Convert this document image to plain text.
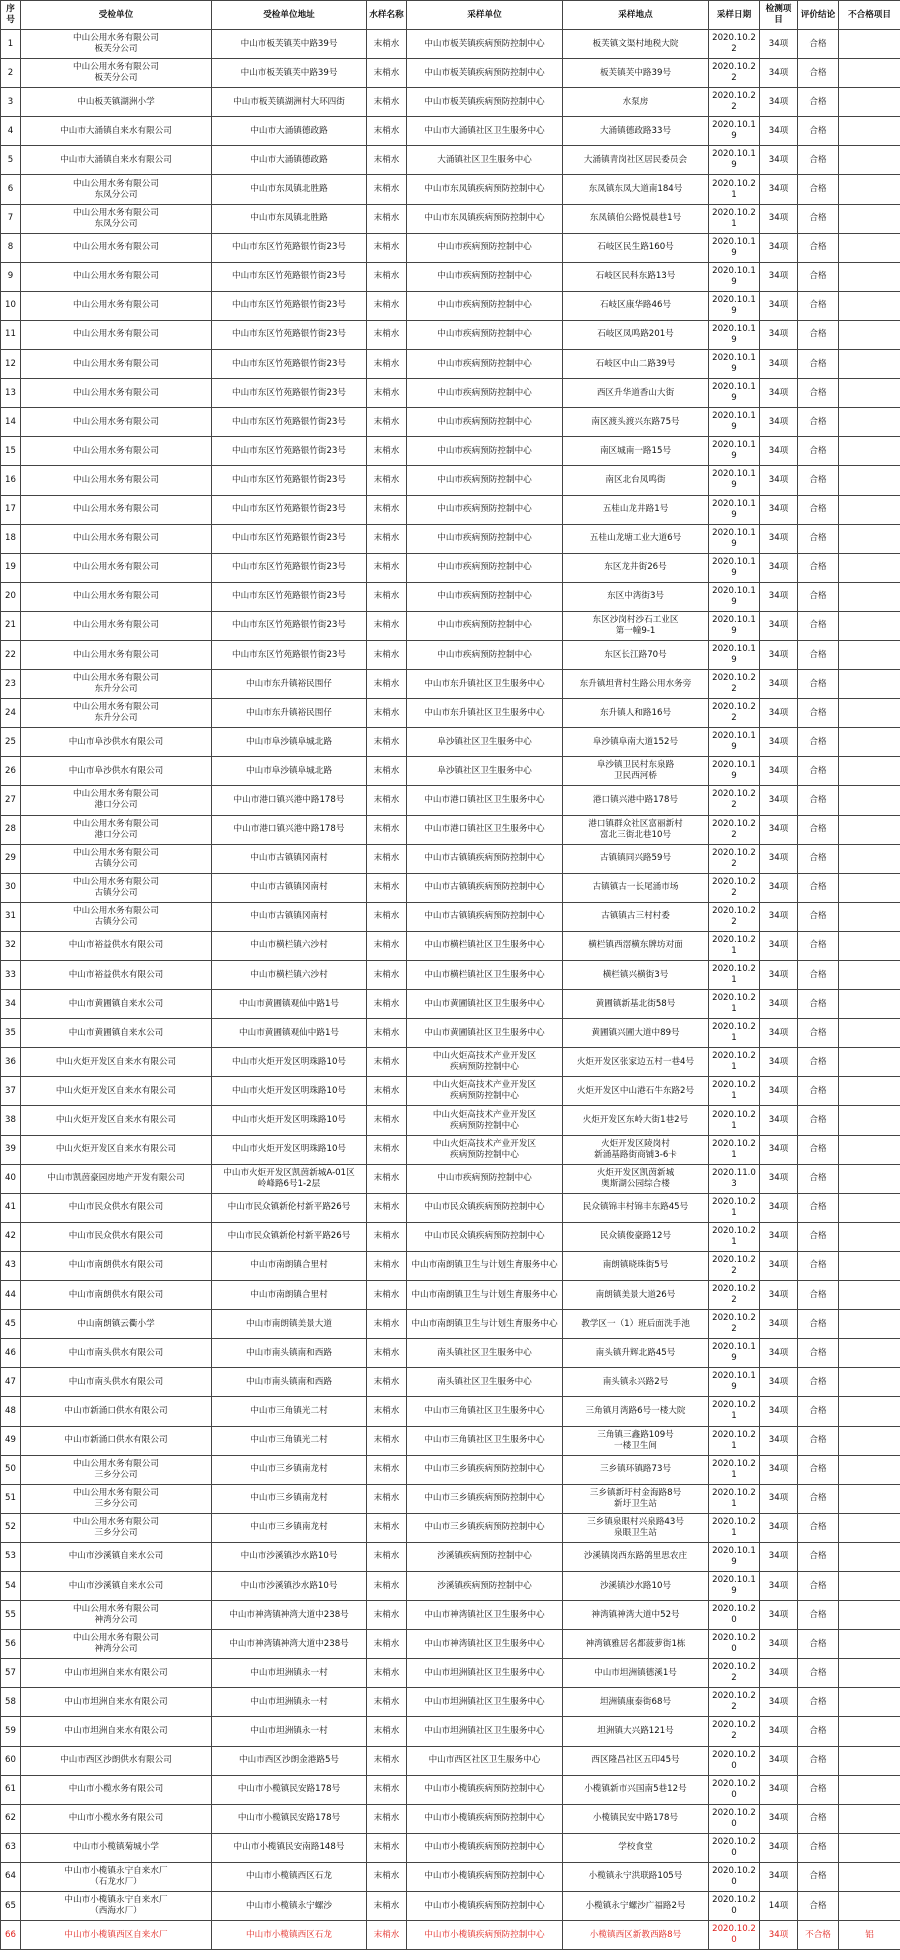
序号	受检单位	受检单位地址	水样名称	采样单位	采样地点	采样日期	检测项目	评价结论	不合格项目
1	中山公用水务有限公司
板芙分公司	中山市板芙镇芙中路39号	末梢水	中山市板芙镇疾病预防控制中心	板芙镇文渠村地税大院	2020.10.22	34项	合格	
2	中山公用水务有限公司
板芙分公司	中山市板芙镇芙中路39号	末梢水	中山市板芙镇疾病预防控制中心	板芙镇芙中路39号	2020.10.22	34项	合格	
3	中山板芙镇湖洲小学	中山市板芙镇湖洲村大环四街	末梢水	中山市板芙镇疾病预防控制中心	水泵房	2020.10.22	34项	合格	
4	中山市大涌镇自来水有限公司	中山市大涌镇德政路	末梢水	中山市大涌镇社区卫生服务中心	大涌镇德政路33号	2020.10.19	34项	合格	
5	中山市大涌镇自来水有限公司	中山市大涌镇德政路	末梢水	大涌镇社区卫生服务中心	大涌镇青岗社区居民委员会	2020.10.19	34项	合格	
6	中山公用水务有限公司
东凤分公司	中山市东凤镇北胜路	末梢水	中山市东凤镇疾病预防控制中心	东凤镇东凤大道南184号	2020.10.21	34项	合格	
7	中山公用水务有限公司
东凤分公司	中山市东凤镇北胜路	末梢水	中山市东凤镇疾病预防控制中心	东凤镇伯公路悦晨巷1号	2020.10.21	34项	合格	
8	中山公用水务有限公司	中山市东区竹苑路银竹街23号	末梢水	中山市疾病预防控制中心	石岐区民生路160号	2020.10.19	34项	合格	
9	中山公用水务有限公司	中山市东区竹苑路银竹街23号	末梢水	中山市疾病预防控制中心	石岐区民科东路13号	2020.10.19	34项	合格	
10	中山公用水务有限公司	中山市东区竹苑路银竹街23号	末梢水	中山市疾病预防控制中心	石岐区康华路46号	2020.10.19	34项	合格	
11	中山公用水务有限公司	中山市东区竹苑路银竹街23号	末梢水	中山市疾病预防控制中心	石岐区凤鸣路201号	2020.10.19	34项	合格	
12	中山公用水务有限公司	中山市东区竹苑路银竹街23号	末梢水	中山市疾病预防控制中心	石岐区中山二路39号	2020.10.19	34项	合格	
13	中山公用水务有限公司	中山市东区竹苑路银竹街23号	末梢水	中山市疾病预防控制中心	西区升华道香山大街	2020.10.19	34项	合格	
14	中山公用水务有限公司	中山市东区竹苑路银竹街23号	末梢水	中山市疾病预防控制中心	南区渡头渡兴东路75号	2020.10.19	34项	合格	
15	中山公用水务有限公司	中山市东区竹苑路银竹街23号	末梢水	中山市疾病预防控制中心	南区城南一路15号	2020.10.19	34项	合格	
16	中山公用水务有限公司	中山市东区竹苑路银竹街23号	末梢水	中山市疾病预防控制中心	南区北台凤鸣街	2020.10.19	34项	合格	
17	中山公用水务有限公司	中山市东区竹苑路银竹街23号	末梢水	中山市疾病预防控制中心	五桂山龙井路1号	2020.10.19	34项	合格	
18	中山公用水务有限公司	中山市东区竹苑路银竹街23号	末梢水	中山市疾病预防控制中心	五桂山龙塘工业大道6号	2020.10.19	34项	合格	
19	中山公用水务有限公司	中山市东区竹苑路银竹街23号	末梢水	中山市疾病预防控制中心	东区龙井街26号	2020.10.19	34项	合格	
20	中山公用水务有限公司	中山市东区竹苑路银竹街23号	末梢水	中山市疾病预防控制中心	东区中湾街3号	2020.10.19	34项	合格	
21	中山公用水务有限公司	中山市东区竹苑路银竹街23号	末梢水	中山市疾病预防控制中心	东区沙岗村沙石工业区
第一幢9-1	2020.10.19	34项	合格	
22	中山公用水务有限公司	中山市东区竹苑路银竹街23号	末梢水	中山市疾病预防控制中心	东区长江路70号	2020.10.19	34项	合格	
23	中山公用水务有限公司
东升分公司	中山市东升镇裕民围仔	末梢水	中山市东升镇社区卫生服务中心	东升镇坦背村生路公用水务旁	2020.10.22	34项	合格	
24	中山公用水务有限公司
东升分公司	中山市东升镇裕民围仔	末梢水	中山市东升镇社区卫生服务中心	东升镇人和路16号	2020.10.22	34项	合格	
25	中山市阜沙供水有限公司	中山市阜沙镇阜城北路	末梢水	阜沙镇社区卫生服务中心	阜沙镇阜南大道152号	2020.10.19	34项	合格	
26	中山市阜沙供水有限公司	中山市阜沙镇阜城北路	末梢水	阜沙镇社区卫生服务中心	阜沙镇卫民村东泉路
卫民西河桥	2020.10.19	34项	合格	
27	中山公用水务有限公司
港口分公司	中山市港口镇兴港中路178号	末梢水	中山市港口镇社区卫生服务中心	港口镇兴港中路178号	2020.10.22	34项	合格	
28	中山公用水务有限公司
港口分公司	中山市港口镇兴港中路178号	末梢水	中山市港口镇社区卫生服务中心	港口镇群众社区富丽新村
富北三街北巷10号	2020.10.22	34项	合格	
29	中山公用水务有限公司
古镇分公司	中山市古镇镇冈南村	末梢水	中山市古镇镇疾病预防控制中心	古镇镇同兴路59号	2020.10.22	34项	合格	
30	中山公用水务有限公司
古镇分公司	中山市古镇镇冈南村	末梢水	中山市古镇镇疾病预防控制中心	古镇镇古一长尾涌市场	2020.10.22	34项	合格	
31	中山公用水务有限公司
古镇分公司	中山市古镇镇冈南村	末梢水	中山市古镇镇疾病预防控制中心	古镇镇古三村村委	2020.10.22	34项	合格	
32	中山市裕益供水有限公司	中山市横栏镇六沙村	末梢水	中山市横栏镇社区卫生服务中心	横栏镇西滘横东牌坊对面	2020.10.21	34项	合格	
33	中山市裕益供水有限公司	中山市横栏镇六沙村	末梢水	中山市横栏镇社区卫生服务中心	横栏镇兴横街3号	2020.10.21	34项	合格	
34	中山市黄圃镇自来水公司	中山市黄圃镇观仙中路1号	末梢水	中山市黄圃镇社区卫生服务中心	黄圃镇新基北街58号	2020.10.21	34项	合格	
35	中山市黄圃镇自来水公司	中山市黄圃镇观仙中路1号	末梢水	中山市黄圃镇社区卫生服务中心	黄圃镇兴圃大道中89号	2020.10.21	34项	合格	
36	中山火炬开发区自来水有限公司	中山市火炬开发区明珠路10号	末梢水	中山火炬高技术产业开发区
疾病预防控制中心	火炬开发区张家边五村一巷4号	2020.10.21	34项	合格	
37	中山火炬开发区自来水有限公司	中山市火炬开发区明珠路10号	末梢水	中山火炬高技术产业开发区
疾病预防控制中心	火炬开发区中山港石牛东路2号	2020.10.21	34项	合格	
38	中山火炬开发区自来水有限公司	中山市火炬开发区明珠路10号	末梢水	中山火炬高技术产业开发区
疾病预防控制中心	火炬开发区东岭大街1巷2号	2020.10.21	34项	合格	
39	中山火炬开发区自来水有限公司	中山市火炬开发区明珠路10号	末梢水	中山火炬高技术产业开发区
疾病预防控制中心	火炬开发区陵岗村
新涌基路街商铺3-6卡	2020.10.21	34项	合格	
40	中山市凯茵豪园房地产开发有限公司	中山市火炬开发区凯茵新城A-01区
岭峰路6号1-2层	末梢水	中山市疾病预防控制中心	火炬开发区凯茵新城
奥斯湖公园综合楼	2020.11.03	34项	合格	
41	中山市民众供水有限公司	中山市民众镇新伦村新平路26号	末梢水	中山市民众镇疾病预防控制中心	民众镇锦丰村锦丰东路45号	2020.10.21	34项	合格	
42	中山市民众供水有限公司	中山市民众镇新伦村新平路26号	末梢水	中山市民众镇疾病预防控制中心	民众镇俊豪路12号	2020.10.21	34项	合格	
43	中山市南朗供水有限公司	中山市南朗镇合里村	末梢水	中山市南朗镇卫生与计划生育服务中心	南朗镇晓珠街5号	2020.10.22	34项	合格	
44	中山市南朗供水有限公司	中山市南朗镇合里村	末梢水	中山市南朗镇卫生与计划生育服务中心	南朗镇美景大道26号	2020.10.22	34项	合格	
45	中山南朗镇云衢小学	中山市南朗镇美景大道	末梢水	中山市南朗镇卫生与计划生育服务中心	教学区一（1）班后面洗手池	2020.10.22	34项	合格	
46	中山市南头供水有限公司	中山市南头镇南和西路	末梢水	南头镇社区卫生服务中心	南头镇升辉北路45号	2020.10.19	34项	合格	
47	中山市南头供水有限公司	中山市南头镇南和西路	末梢水	南头镇社区卫生服务中心	南头镇永兴路2号	2020.10.19	34项	合格	
48	中山市新涌口供水有限公司	中山市三角镇光二村	末梢水	中山市三角镇社区卫生服务中心	三角镇月湾路6号一楼大院	2020.10.21	34项	合格	
49	中山市新涌口供水有限公司	中山市三角镇光二村	末梢水	中山市三角镇社区卫生服务中心	三角镇三鑫路109号
一楼卫生间	2020.10.21	34项	合格	
50	中山公用水务有限公司
三乡分公司	中山市三乡镇南龙村	末梢水	中山市三乡镇疾病预防控制中心	三乡镇环镇路73号	2020.10.21	34项	合格	
51	中山公用水务有限公司
三乡分公司	中山市三乡镇南龙村	末梢水	中山市三乡镇疾病预防控制中心	三乡镇新圩村金海路8号
新圩卫生站	2020.10.21	34项	合格	
52	中山公用水务有限公司
三乡分公司	中山市三乡镇南龙村	末梢水	中山市三乡镇疾病预防控制中心	三乡镇泉眼村兴泉路43号
泉眼卫生站	2020.10.21	34项	合格	
53	中山市沙溪镇自来水公司	中山市沙溪镇沙水路10号	末梢水	沙溪镇疾病预防控制中心	沙溪镇岗西东路鸽里思农庄	2020.10.19	34项	合格	
54	中山市沙溪镇自来水公司	中山市沙溪镇沙水路10号	末梢水	沙溪镇疾病预防控制中心	沙溪镇沙水路10号	2020.10.19	34项	合格	
55	中山公用水务有限公司
神湾分公司	中山市神湾镇神湾大道中238号	末梢水	中山市神湾镇社区卫生服务中心	神湾镇神湾大道中52号	2020.10.20	34项	合格	
56	中山公用水务有限公司
神湾分公司	中山市神湾镇神湾大道中238号	末梢水	中山市神湾镇社区卫生服务中心	神湾镇雅居名都菠萝街1栋	2020.10.20	34项	合格	
57	中山市坦洲自来水有限公司	中山市坦洲镇永一村	末梢水	中山市坦洲镇社区卫生服务中心	中山市坦洲镇德溪1号	2020.10.22	34项	合格	
58	中山市坦洲自来水有限公司	中山市坦洲镇永一村	末梢水	中山市坦洲镇社区卫生服务中心	坦洲镇康泰街68号	2020.10.22	34项	合格	
59	中山市坦洲自来水有限公司	中山市坦洲镇永一村	末梢水	中山市坦洲镇社区卫生服务中心	坦洲镇大兴路121号	2020.10.22	34项	合格	
60	中山市西区沙朗供水有限公司	中山市西区沙朗金港路5号	末梢水	中山市西区社区卫生服务中心	西区隆昌社区五印45号	2020.10.20	34项	合格	
61	中山市小榄水务有限公司	中山市小榄镇民安路178号	末梢水	中山市小榄镇疾病预防控制中心	小榄镇新市兴国南5巷12号	2020.10.20	34项	合格	
62	中山市小榄水务有限公司	中山市小榄镇民安路178号	末梢水	中山市小榄镇疾病预防控制中心	小榄镇民安中路178号	2020.10.20	34项	合格	
63	中山市小榄镇菊城小学	中山市小榄镇民安南路148号	末梢水	中山市小榄镇疾病预防控制中心	学校食堂	2020.10.20	34项	合格	
64	中山市小榄镇永宁自来水厂
（石龙水厂）	中山市小榄镇西区石龙	末梢水	中山市小榄镇疾病预防控制中心	小榄镇永宁洪联路105号	2020.10.20	34项	合格	
65	中山市小榄镇永宁自来水厂
（西海水厂）	中山市小榄镇永宁螺沙	末梢水	中山市小榄镇疾病预防控制中心	小榄镇永宁螺沙广福路2号	2020.10.20	14项	合格	
66	中山市小榄镇西区自来水厂	中山市小榄镇西区石龙	末梢水	中山市小榄镇疾病预防控制中心	小榄镇西区新教西路8号	2020.10.20	34项	不合格	铝
